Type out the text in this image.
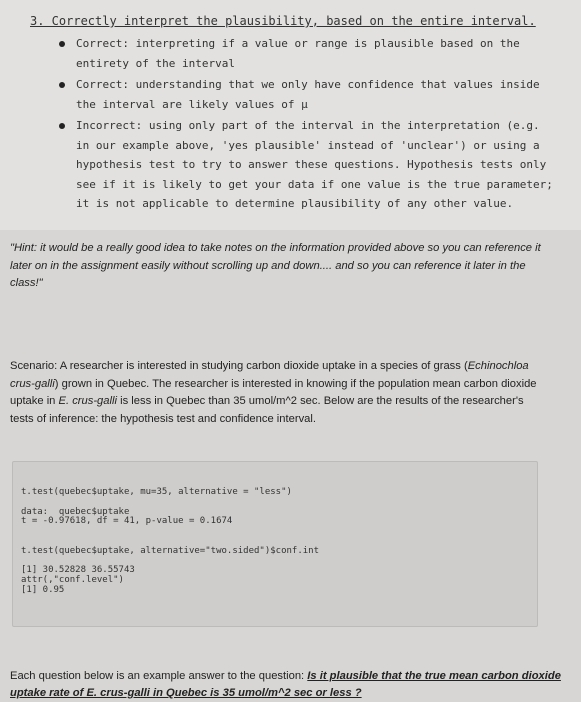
3. Correctly interpret the plausibility, based on the entire interval.
Correct: interpreting if a value or range is plausible based on the entirety of the interval
Correct: understanding that we only have confidence that values inside the interval are likely values of μ
Incorrect: using only part of the interval in the interpretation (e.g. in our example above, 'yes plausible' instead of 'unclear') or using a hypothesis test to try to answer these questions. Hypothesis tests only see if it is likely to get your data if one value is the true parameter; it is not applicable to determine plausibility of any other value.
"Hint: it would be a really good idea to take notes on the information provided above so you can reference it later on in the assignment easily without scrolling up and down.... and so you can reference it later in the class!"
Scenario: A researcher is interested in studying carbon dioxide uptake in a species of grass (Echinochloa crus-galli) grown in Quebec. The researcher is interested in knowing if the population mean carbon dioxide uptake in E. crus-galli is less in Quebec than 35 umol/m^2 sec. Below are the results of the researcher's tests of inference: the hypothesis test and confidence interval.
t.test(quebec$uptake, mu=35, alternative = "less")
data:  quebec$uptake
t = -0.97618, df = 41, p-value = 0.1674
t.test(quebec$uptake, alternative="two.sided")$conf.int
[1] 30.52828 36.55743
attr(,"conf.level")
[1] 0.95
Each question below is an example answer to the question: Is it plausible that the true mean carbon dioxide uptake rate of E. crus-galli in Quebec is 35 umol/m^2 sec or less ?
